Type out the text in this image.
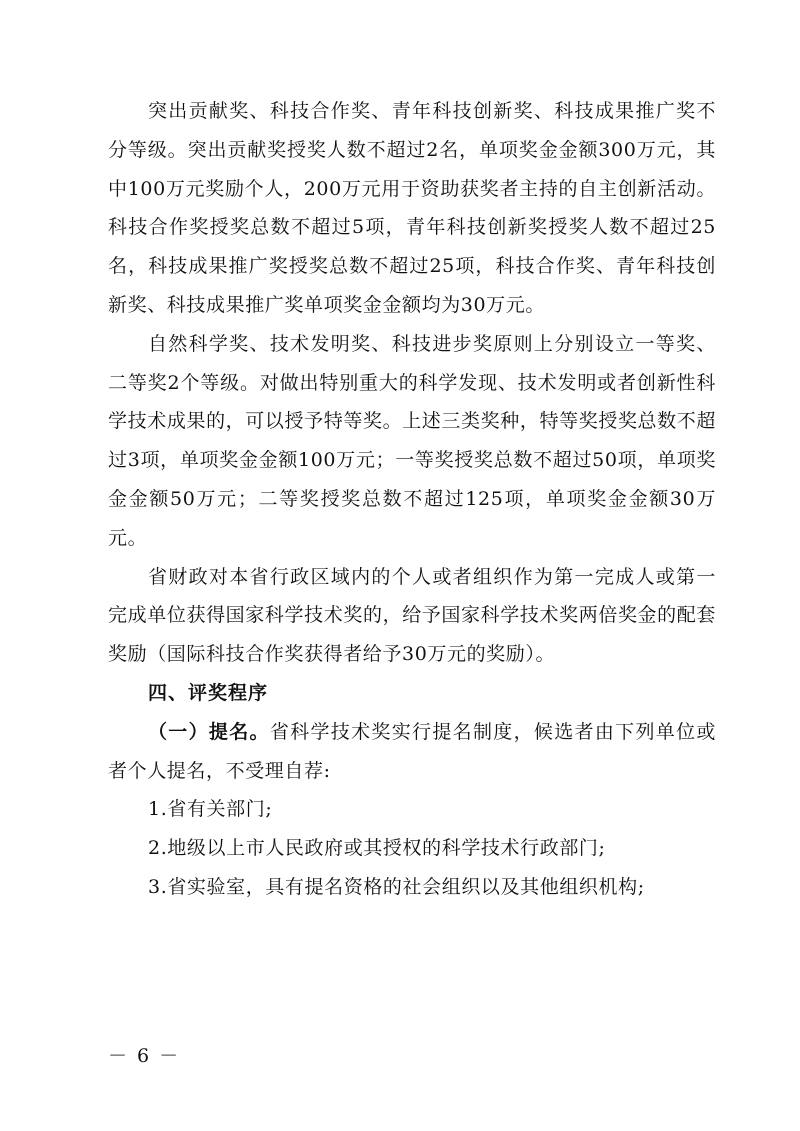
突出贡献奖、科技合作奖、青年科技创新奖、科技成果推广奖不分等级。突出贡献奖授奖人数不超过2名，单项奖金金额300万元，其中100万元奖励个人，200万元用于资助获奖者主持的自主创新活动。科技合作奖授奖总数不超过5项，青年科技创新奖授奖人数不超过25名，科技成果推广奖授奖总数不超过25项，科技合作奖、青年科技创新奖、科技成果推广奖单项奖金金额均为30万元。

自然科学奖、技术发明奖、科技进步奖原则上分别设立一等奖、二等奖2个等级。对做出特别重大的科学发现、技术发明或者创新性科学技术成果的，可以授予特等奖。上述三类奖种，特等奖授奖总数不超过3项，单项奖金金额100万元；一等奖授奖总数不超过50项，单项奖金金额50万元；二等奖授奖总数不超过125项，单项奖金金额30万元。

省财政对本省行政区域内的个人或者组织作为第一完成人或第一完成单位获得国家科学技术奖的，给予国家科学技术奖两倍奖金的配套奖励（国际科技合作奖获得者给予30万元的奖励）。

四、评奖程序

（一）提名。省科学技术奖实行提名制度，候选者由下列单位或者个人提名，不受理自荐:

1.省有关部门;

2.地级以上市人民政府或其授权的科学技术行政部门;

3.省实验室，具有提名资格的社会组织以及其他组织机构;

－ 6 －
